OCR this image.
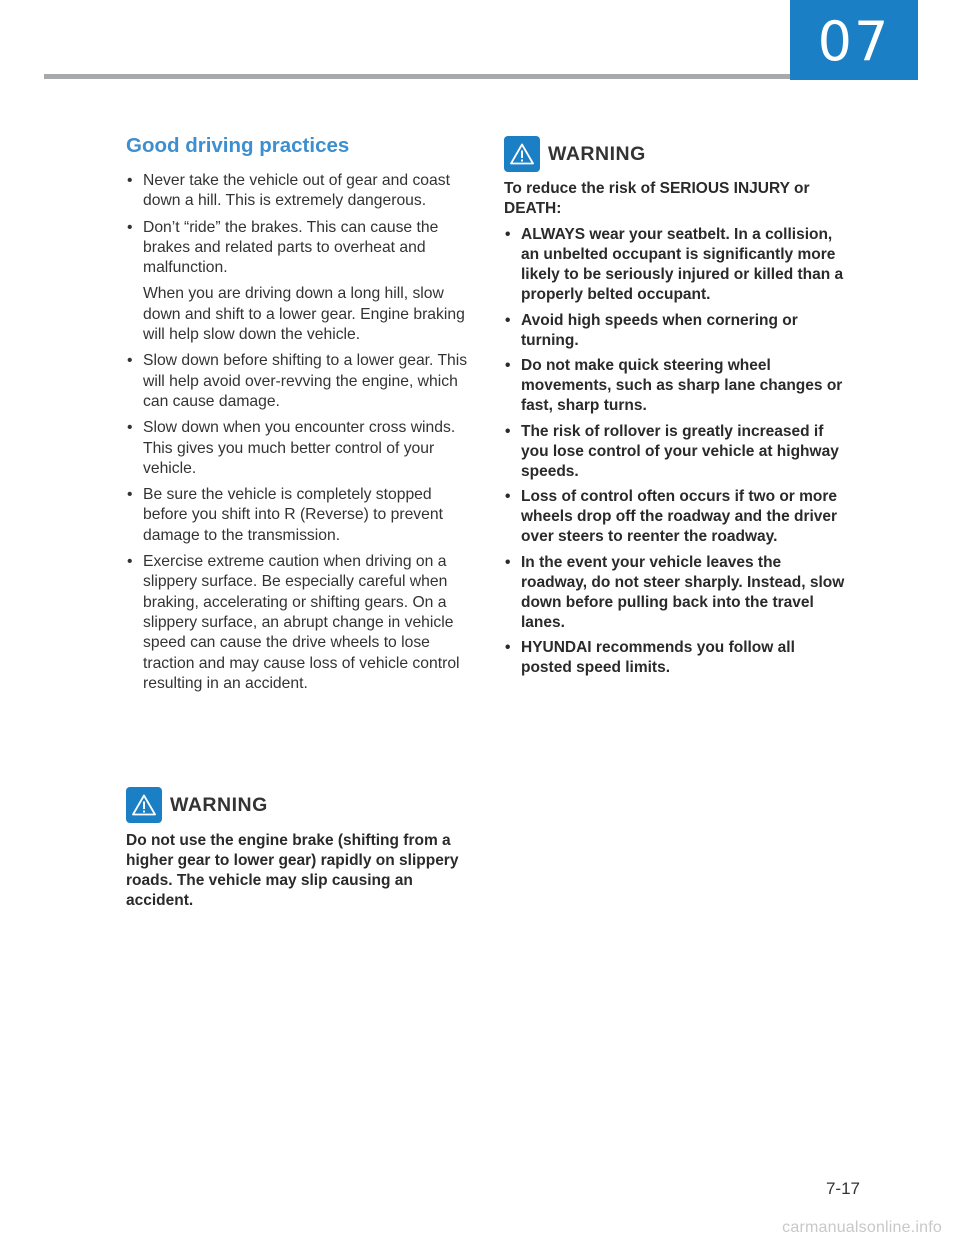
07
Good driving practices
• Never take the vehicle out of gear and coast down a hill. This is extremely dangerous.
• Don’t “ride” the brakes. This can cause the brakes and related parts to overheat and malfunction.
When you are driving down a long hill, slow down and shift to a lower gear. Engine braking will help slow down the vehicle.
• Slow down before shifting to a lower gear. This will help avoid over-revving the engine, which can cause damage.
• Slow down when you encounter cross winds. This gives you much better control of your vehicle.
• Be sure the vehicle is completely stopped before you shift into R (Reverse) to prevent damage to the transmission.
• Exercise extreme caution when driving on a slippery surface. Be especially careful when braking, accelerating or shifting gears. On a slippery surface, an abrupt change in vehicle speed can cause the drive wheels to lose traction and may cause loss of vehicle control resulting in an accident.
WARNING

Do not use the engine brake (shifting from a higher gear to lower gear) rapidly on slippery roads. The vehicle may slip causing an accident.

WARNING

To reduce the risk of SERIOUS INJURY or DEATH:

• ALWAYS wear your seatbelt. In a collision, an unbelted occupant is significantly more likely to be seriously injured or killed than a properly belted occupant.
• Avoid high speeds when cornering or turning.
• Do not make quick steering wheel movements, such as sharp lane changes or fast, sharp turns.
• The risk of rollover is greatly increased if you lose control of your vehicle at highway speeds.
• Loss of control often occurs if two or more wheels drop off the roadway and the driver over steers to reenter the roadway.
• In the event your vehicle leaves the roadway, do not steer sharply. Instead, slow down before pulling back into the travel lanes.
• HYUNDAI recommends you follow all posted speed limits.
7-17
carmanualsonline.info
